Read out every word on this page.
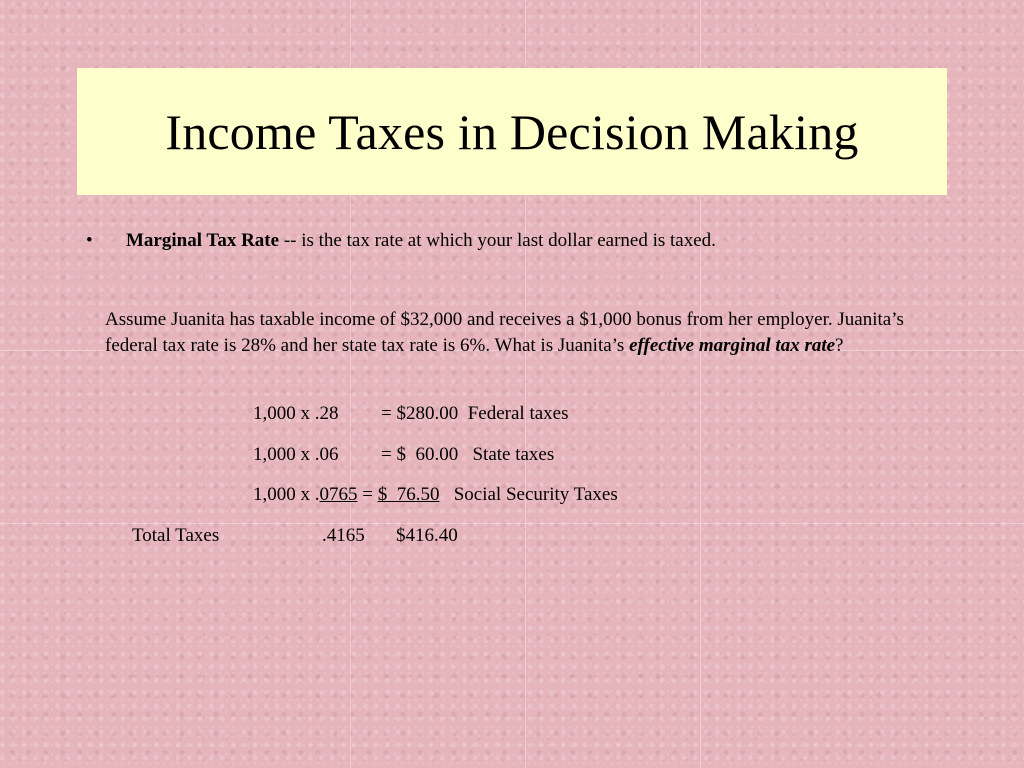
Income Taxes in Decision Making
• Marginal Tax Rate -- is the tax rate at which your last dollar earned is taxed.
Assume Juanita has taxable income of $32,000 and receives a $1,000 bonus from her employer. Juanita’s federal tax rate is 28% and her state tax rate is 6%. What is Juanita’s effective marginal tax rate?
1,000 x .28 = $280.00 Federal taxes
1,000 x .06 = $  60.00 State taxes
1,000 x .0765 = $  76.50 Social Security Taxes
Total Taxes	.4165 $416.40
